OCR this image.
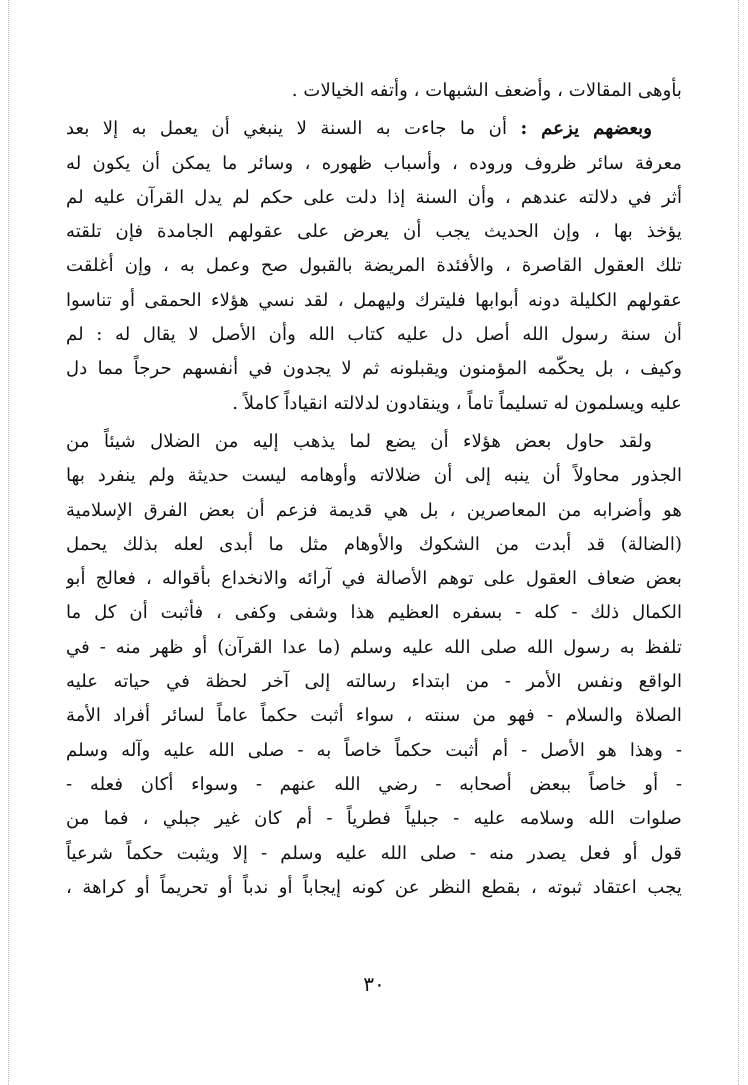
بأوهى المقالات ، وأضعف الشبهات ، وأتفه الخيالات .
وبعضهم يزعم : أن ما جاءت به السنة لا ينبغي أن يعمل به إلا بعد
معرفة سائر ظروف وروده ، وأسباب ظهوره ، وسائر ما يمكن أن يكون له
أثر في دلالته عندهم ، وأن السنة إذا دلت على حكم لم يدل القرآن عليه لم
يؤخذ بها ، وإن الحديث يجب أن يعرض على عقولهم الجامدة فإن تلقته
تلك العقول القاصرة ، والأفئدة المريضة بالقبول صح وعمل به ، وإن أغلقت
عقولهم الكليلة دونه أبوابها فليترك وليهمل ، لقد نسي هؤلاء الحمقى أو تناسوا
أن سنة رسول الله أصل دل عليه كتاب الله وأن الأصل لا يقال له : لم
وكيف ، بل يحكّمه المؤمنون ويقبلونه ثم لا يجدون في أنفسهم حرجاً مما دل
عليه ويسلمون له تسليماً تاماً ، وينقادون لدلالته انقياداً كاملاً .
ولقد حاول بعض هؤلاء أن يضع لما يذهب إليه من الضلال شيئاً من
الجذور محاولاً أن ينبه إلى أن ضلالاته وأوهامه ليست حديثة ولم ينفرد بها
هو وأضرابه من المعاصرين ، بل هي قديمة فزعم أن بعض الفرق الإسلامية
(الضالة) قد أبدت من الشكوك والأوهام مثل ما أبدى لعله بذلك يحمل
بعض ضعاف العقول على توهم الأصالة في آرائه والانخداع بأقواله ، فعالج أبو
الكمال ذلك - كله - بسفره العظيم هذا وشفى وكفى ، فأثبت أن كل ما
تلفظ به رسول الله صلى الله عليه وسلم (ما عدا القرآن) أو ظهر منه - في
الواقع ونفس الأمر - من ابتداء رسالته إلى آخر لحظة في حياته عليه
الصلاة والسلام - فهو من سنته ، سواء أثبت حكماً عاماً لسائر أفراد الأمة
- وهذا هو الأصل - أم أثبت حكماً خاصاً به - صلى الله عليه وآله وسلم
- أو خاصاً ببعض أصحابه - رضي الله عنهم - وسواء أكان فعله -
صلوات الله وسلامه عليه - جبلياً فطرياً - أم كان غير جبلي ، فما من
قول أو فعل يصدر منه - صلى الله عليه وسلم - إلا ويثبت حكماً شرعياً
يجب اعتقاد ثبوته ، بقطع النظر عن كونه إيجاباً أو ندباً أو تحريماً أو كراهة ،
٣٠
